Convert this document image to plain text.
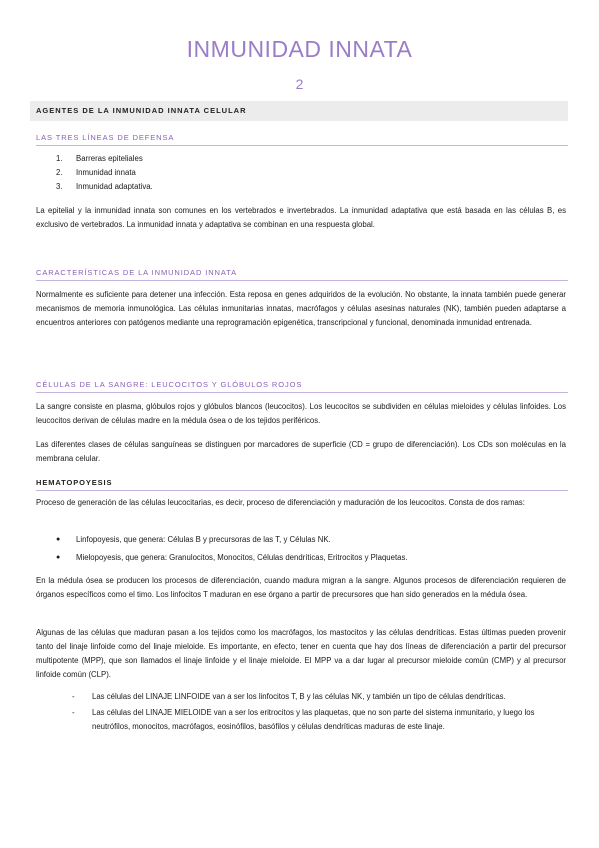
INMUNIDAD INNATA
2
AGENTES DE LA INMUNIDAD INNATA CELULAR
LAS TRES LÍNEAS DE DEFENSA
1.	Barreras epiteliales
2.	Inmunidad innata
3.	Inmunidad adaptativa.
La epitelial y la inmunidad innata son comunes en los vertebrados e invertebrados. La inmunidad adaptativa que está basada en las células B, es exclusivo de vertebrados. La inmunidad innata y adaptativa se combinan en una respuesta global.
CARACTERÍSTICAS DE LA INMUNIDAD INNATA
Normalmente es suficiente para detener una infección. Esta reposa en genes adquiridos de la evolución. No obstante, la innata también puede generar mecanismos de memoria inmunológica. Las células inmunitarias innatas, macrófagos y células asesinas naturales (NK), también pueden adaptarse a encuentros anteriores con patógenos mediante una reprogramación epigenética, transcripcional y funcional, denominada inmunidad entrenada.
CÉLULAS DE LA SANGRE: LEUCOCITOS Y GLÓBULOS ROJOS
La sangre consiste en plasma, glóbulos rojos y glóbulos blancos (leucocitos). Los leucocitos se subdividen en células mieloides y células linfoides. Los leucocitos derivan de células madre en la médula ósea o de los tejidos periféricos.
Las diferentes clases de células sanguíneas se distinguen por marcadores de superficie (CD = grupo de diferenciación). Los CDs son moléculas en la membrana celular.
HEMATOPOYESIS
Proceso de generación de las células leucocitarias, es decir, proceso de diferenciación y maduración de los leucocitos. Consta de dos ramas:
●	Linfopoyesis, que genera: Células B y precursoras de las T, y Células NK.
●	Mielopoyesis, que genera: Granulocitos, Monocitos, Células dendríticas, Eritrocitos y Plaquetas.
En la médula ósea se producen los procesos de diferenciación, cuando madura migran a la sangre. Algunos procesos de diferenciación requieren de órganos específicos como el timo. Los linfocitos T maduran en ese órgano a partir de precursores que han sido generados en la médula ósea.
Algunas de las células que maduran pasan a los tejidos como los macrófagos, los mastocitos y las células dendríticas. Estas últimas pueden provenir tanto del linaje linfoide como del linaje mieloide. Es importante, en efecto, tener en cuenta que hay dos líneas de diferenciación a partir del precursor multipotente (MPP), que son llamados el linaje linfoide y el linaje mieloide. El MPP va a dar lugar al precursor mieloide común (CMP) y al precursor linfoide común (CLP).
-	Las células del LINAJE LINFOIDE van a ser los linfocitos T, B y las células NK, y también un tipo de células dendríticas.
-	Las células del LINAJE MIELOIDE van a ser los eritrocitos y las plaquetas, que no son parte del sistema inmunitario, y luego los neutrófilos, monocitos, macrófagos, eosinófilos, basófilos y células dendríticas maduras de este linaje.
